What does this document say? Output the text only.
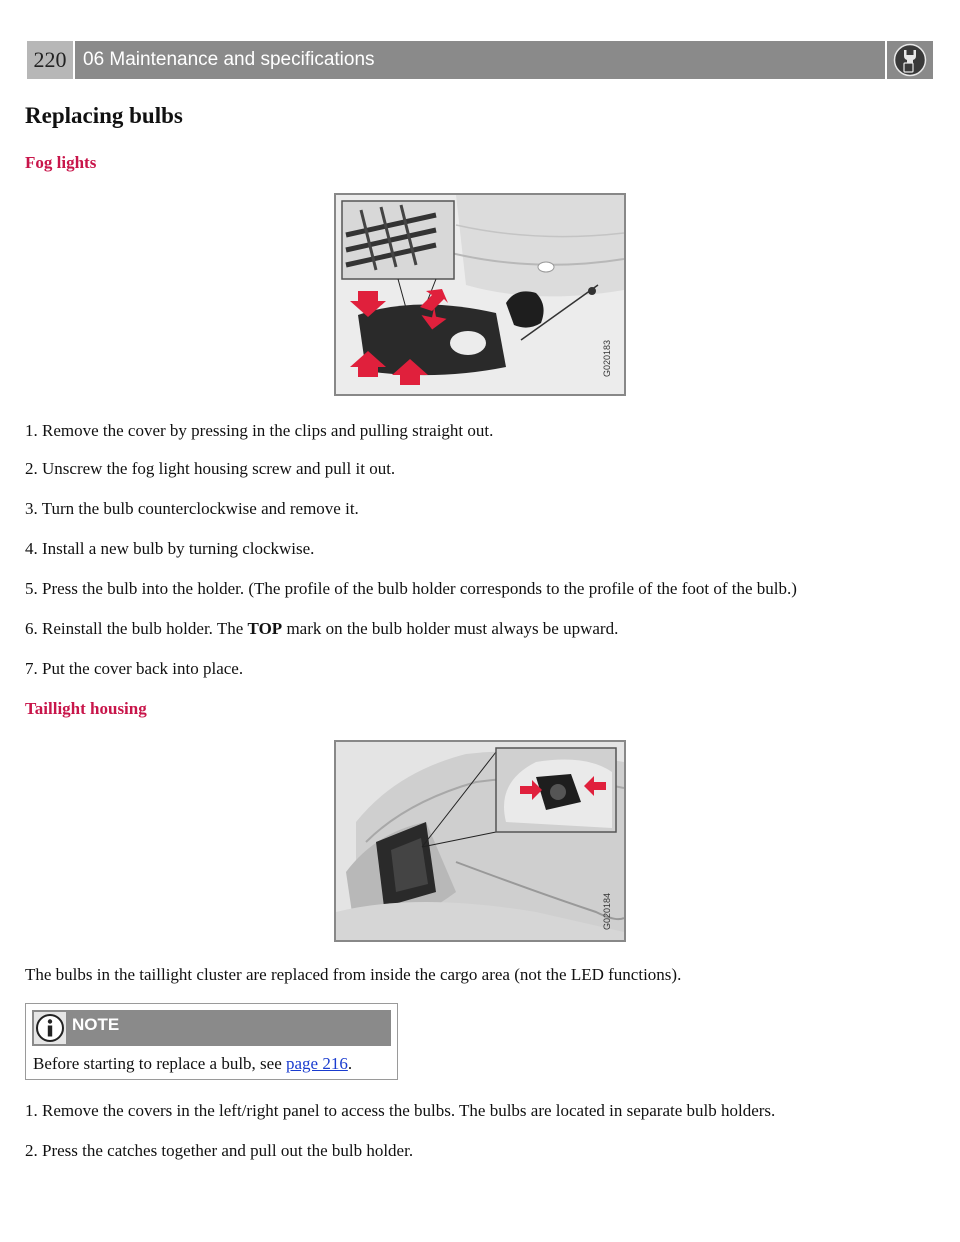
220 06 Maintenance and specifications
Replacing bulbs
Fog lights
G020183

1. Remove the cover by pressing in the clips and pulling straight out.

2. Unscrew the fog light housing screw and pull it out.

3. Turn the bulb counterclockwise and remove it.

4. Install a new bulb by turning clockwise.

5. Press the bulb into the holder. (The profile of the bulb holder corresponds to the profile of the foot of the bulb.)

6. Reinstall the bulb holder. The TOP mark on the bulb holder must always be upward.

7. Put the cover back into place.

Taillight housing
G020184

The bulbs in the taillight cluster are replaced from inside the cargo area (not the LED functions).

NOTE
Before starting to replace a bulb, see page 216.

1. Remove the covers in the left/right panel to access the bulbs. The bulbs are located in separate bulb holders.

2. Press the catches together and pull out the bulb holder.
